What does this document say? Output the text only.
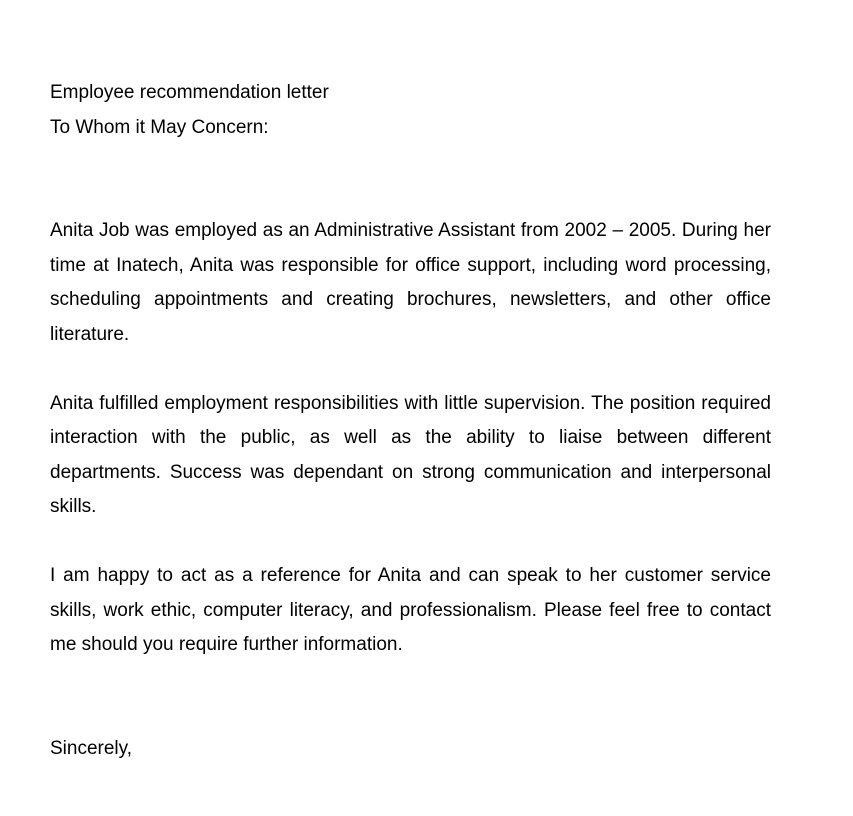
Employee recommendation letter
To Whom it May Concern:

Anita Job was employed as an Administrative Assistant from 2002 – 2005. During her time at Inatech, Anita was responsible for office support, including word processing, scheduling appointments and creating brochures, newsletters, and other office literature.

Anita fulfilled employment responsibilities with little supervision. The position required interaction with the public, as well as the ability to liaise between different departments. Success was dependant on strong communication and interpersonal skills.

I am happy to act as a reference for Anita and can speak to her customer service skills, work ethic, computer literacy, and professionalism. Please feel free to contact me should you require further information.

Sincerely,
